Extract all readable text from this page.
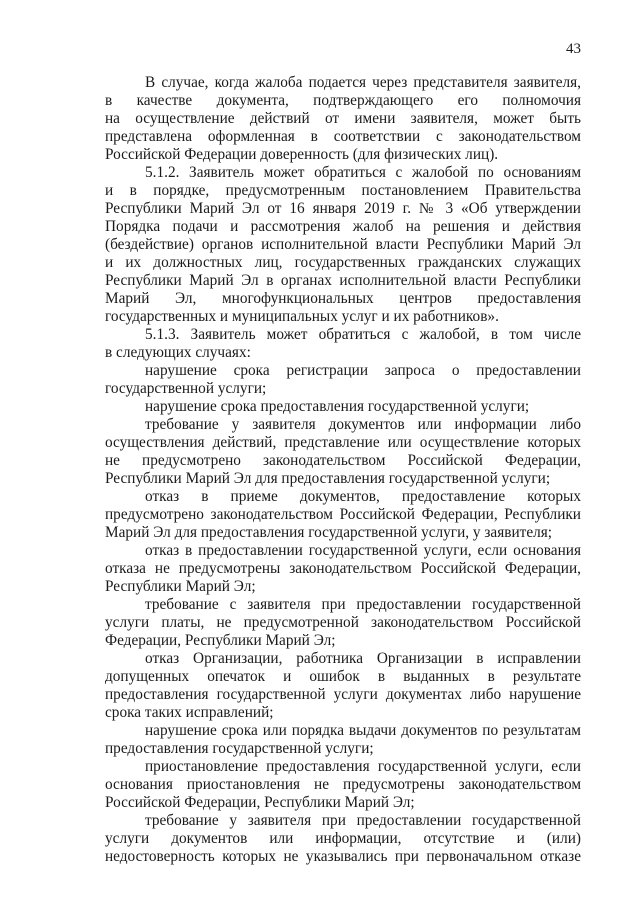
43
В случае, когда жалоба подается через представителя заявителя,
в качестве документа, подтверждающего его полномочия
на осуществление действий от имени заявителя, может быть
представлена оформленная в соответствии с законодательством
Российской Федерации доверенность (для физических лиц).
5.1.2. Заявитель может обратиться с жалобой по основаниям
и в порядке, предусмотренным постановлением Правительства
Республики Марий Эл от 16 января 2019 г. № 3 «Об утверждении
Порядка подачи и рассмотрения жалоб на решения и действия
(бездействие) органов исполнительной власти Республики Марий Эл
и их должностных лиц, государственных гражданских служащих
Республики Марий Эл в органах исполнительной власти Республики
Марий Эл, многофункциональных центров предоставления
государственных и муниципальных услуг и их работников».
5.1.3. Заявитель может обратиться с жалобой, в том числе
в следующих случаях:
нарушение срока регистрации запроса о предоставлении
государственной услуги;
нарушение срока предоставления государственной услуги;
требование у заявителя документов или информации либо
осуществления действий, представление или осуществление которых
не предусмотрено законодательством Российской Федерации,
Республики Марий Эл для предоставления государственной услуги;
отказ в приеме документов, предоставление которых
предусмотрено законодательством Российской Федерации, Республики
Марий Эл для предоставления государственной услуги, у заявителя;
отказ в предоставлении государственной услуги, если основания
отказа не предусмотрены законодательством Российской Федерации,
Республики Марий Эл;
требование с заявителя при предоставлении государственной
услуги платы, не предусмотренной законодательством Российской
Федерации, Республики Марий Эл;
отказ Организации, работника Организации в исправлении
допущенных опечаток и ошибок в выданных в результате
предоставления государственной услуги документах либо нарушение
срока таких исправлений;
нарушение срока или порядка выдачи документов по результатам
предоставления государственной услуги;
приостановление предоставления государственной услуги, если
основания приостановления не предусмотрены законодательством
Российской Федерации, Республики Марий Эл;
требование у заявителя при предоставлении государственной
услуги документов или информации, отсутствие и (или)
недостоверность которых не указывались при первоначальном отказе
